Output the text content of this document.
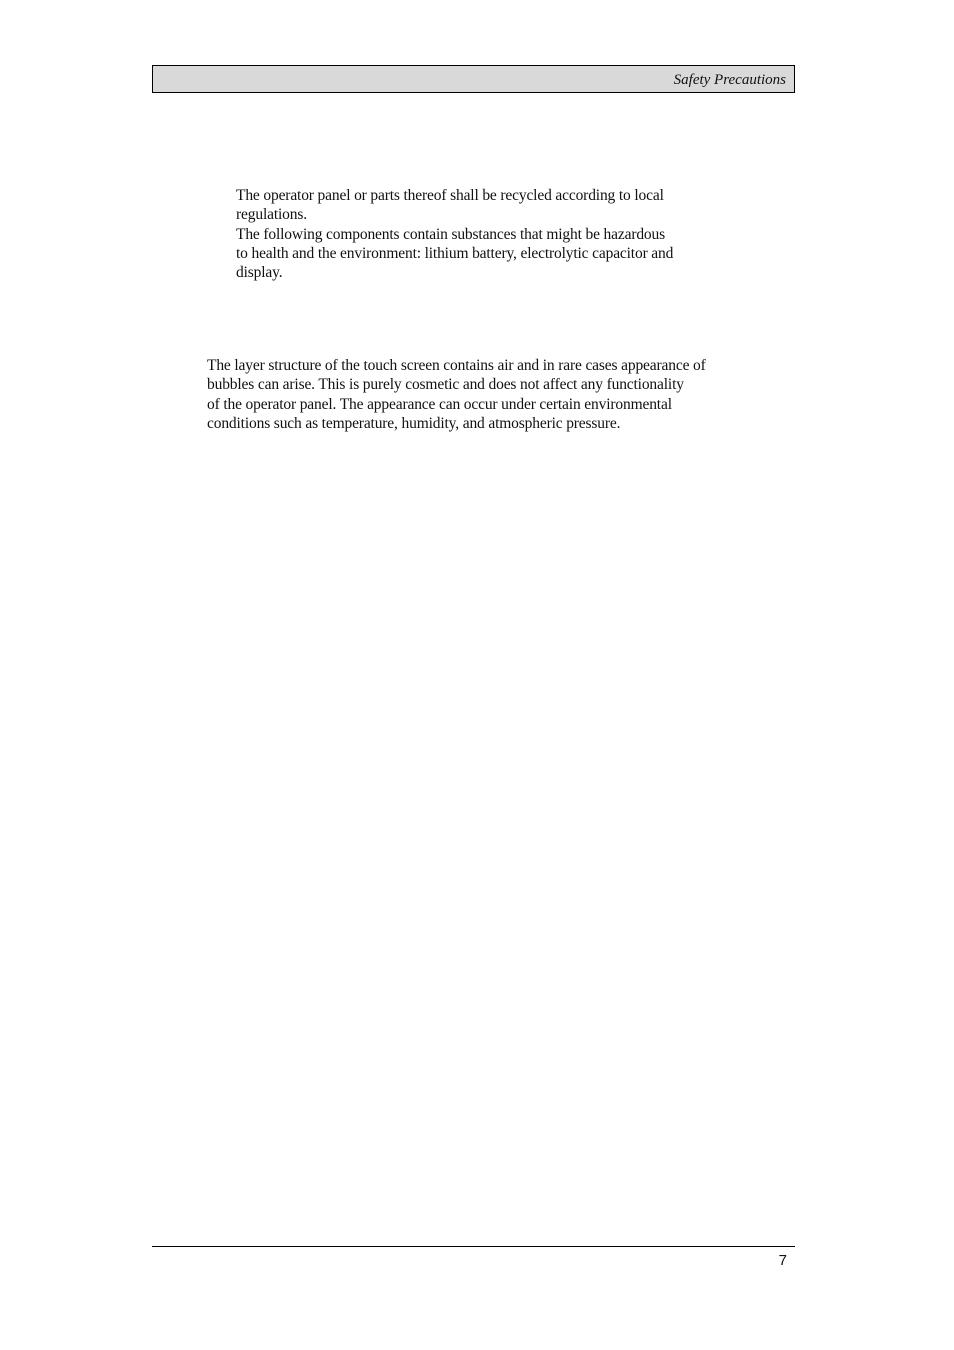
Safety Precautions
The operator panel or parts thereof shall be recycled according to local
regulations.
The following components contain substances that might be hazardous
to health and the environment: lithium battery, electrolytic capacitor and
display.
The layer structure of the touch screen contains air and in rare cases appearance of
bubbles can arise. This is purely cosmetic and does not affect any functionality
of the operator panel. The appearance can occur under certain environmental
conditions such as temperature, humidity, and atmospheric pressure.
7
